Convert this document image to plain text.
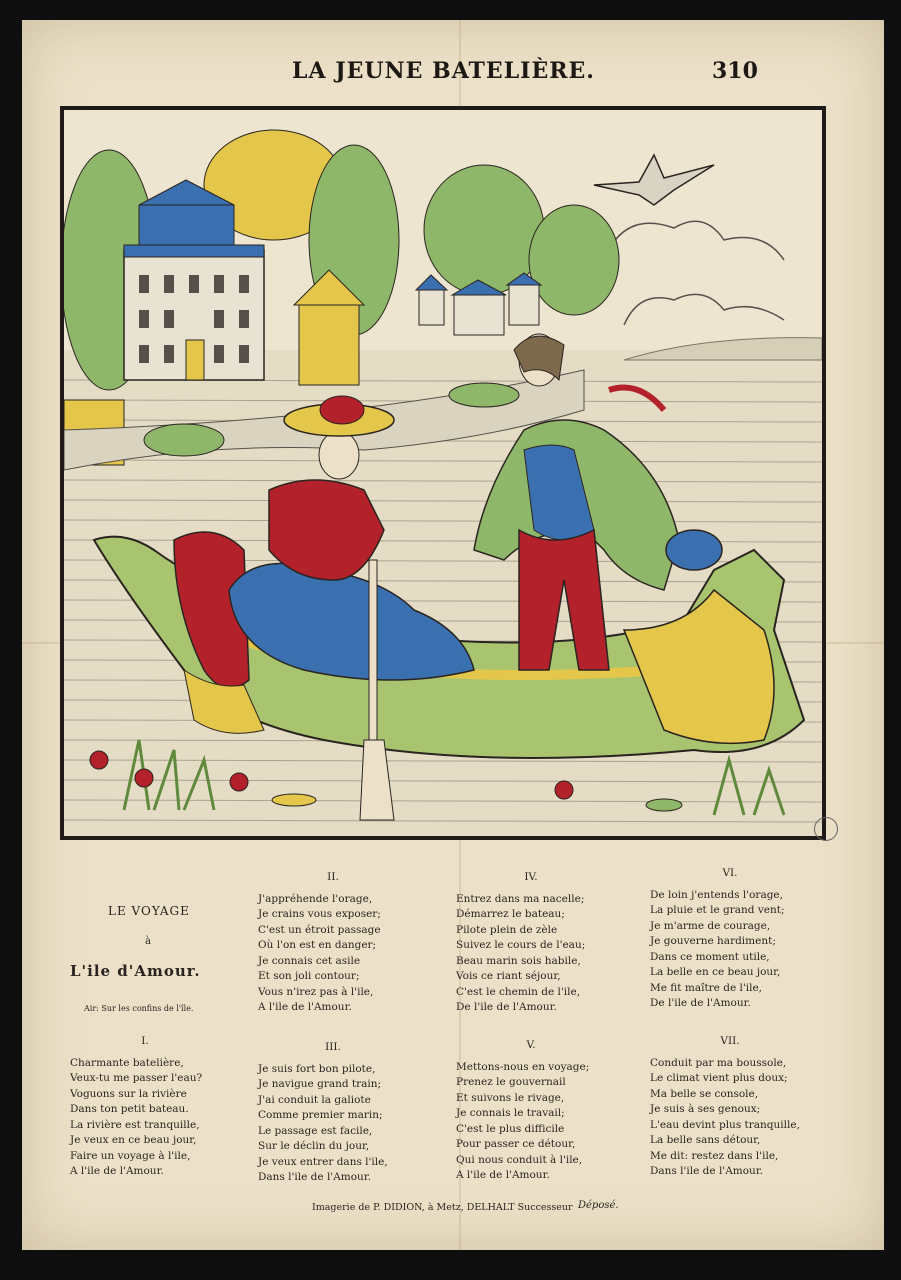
LA JEUNE BATELIÈRE.	310
LE VOYAGE
à
L'ile d'Amour.
Air: Sur les confins de l'île.
I.
Charmante batelière,
Veux-tu me passer l'eau?
Voguons sur la rivière
Dans ton petit bateau.
La rivière est tranquille,
Je veux en ce beau jour,
Faire un voyage à l'ile,
A l'ile de l'Amour.
II.
J'appréhende l'orage,
Je crains vous exposer;
C'est un étroit passage
Où l'on est en danger;
Je connais cet asile
Et son joli contour;
Vous n'irez pas à l'ile,
A l'ile de l'Amour.
III.
Je suis fort bon pilote,
Je navigue grand train;
J'ai conduit la galiote
Comme premier marin;
Le passage est facile,
Sur le déclin du jour,
Je veux entrer dans l'ile,
Dans l'ile de l'Amour.
IV.
Entrez dans ma nacelle;
Démarrez le bateau;
Pilote plein de zèle
Suivez le cours de l'eau;
Beau marin sois habile,
Vois ce riant séjour,
C'est le chemin de l'ile,
De l'ile de l'Amour.
V.
Mettons-nous en voyage;
Prenez le gouvernail
Et suivons le rivage,
Je connais le travail;
C'est le plus difficile
Pour passer ce détour,
Qui nous conduit à l'ile,
A l'ile de l'Amour.
VI.
De loin j'entends l'orage,
La pluie et le grand vent;
Je m'arme de courage,
Je gouverne hardiment;
Dans ce moment utile,
La belle en ce beau jour,
Me fit maître de l'ile,
De l'ile de l'Amour.
VII.
Conduit par ma boussole,
Le climat vient plus doux;
Ma belle se console,
Je suis à ses genoux;
L'eau devint plus tranquille,
La belle sans détour,
Me dit: restez dans l'ile,
Dans l'ile de l'Amour.
Imagerie de P. DIDION, à Metz, DELHALT Successeur Déposé.
